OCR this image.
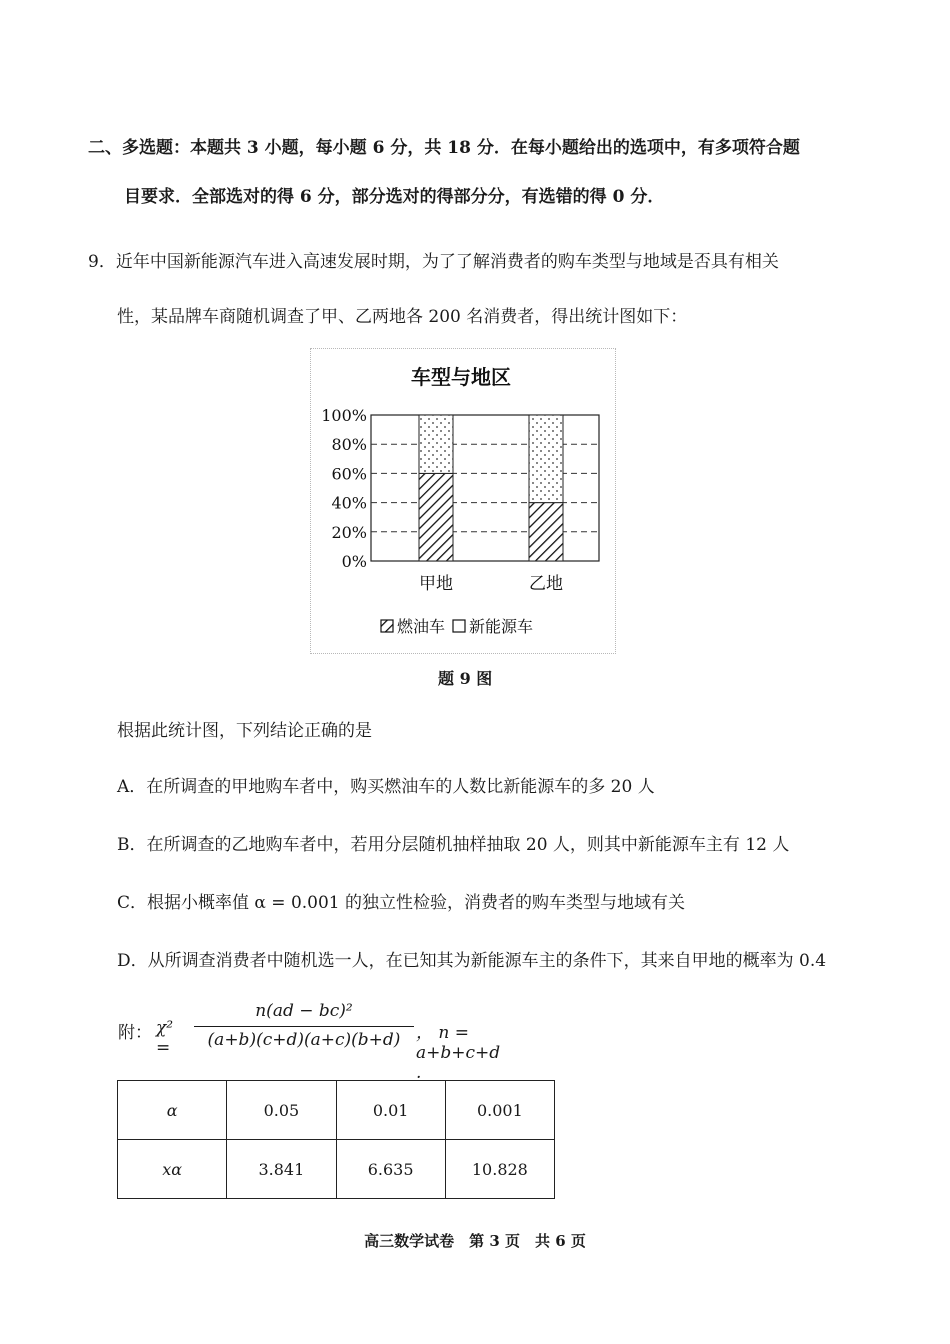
二、多选题：本题共 3 小题，每小题 6 分，共 18 分．在每小题给出的选项中，有多项符合题
目要求．全部选对的得 6 分，部分选对的得部分分，有选错的得 0 分．
9．近年中国新能源汽车进入高速发展时期，为了了解消费者的购车类型与地域是否具有相关
性，某品牌车商随机调查了甲、乙两地各 200 名消费者，得出统计图如下：
车型与地区
0%
20%
40%
60%
80%
100%
甲地	乙地
燃油车 新能源车
题 9 图
根据此统计图，下列结论正确的是
A．在所调查的甲地购车者中，购买燃油车的人数比新能源车的多 20 人
B．在所调查的乙地购车者中，若用分层随机抽样抽取 20 人，则其中新能源车主有 12 人
C．根据小概率值 α = 0.001 的独立性检验，消费者的购车类型与地域有关
D．从所调查消费者中随机选一人，在已知其为新能源车主的条件下，其来自甲地的概率为 0.4
附： χ² =
n(ad − bc)²
(a+b)(c+d)(a+c)(b+d) ， n = a+b+c+d .
α	0.05	0.01	0.001
xα	3.841	6.635	10.828
高三数学试卷　第 3 页　共 6 页
